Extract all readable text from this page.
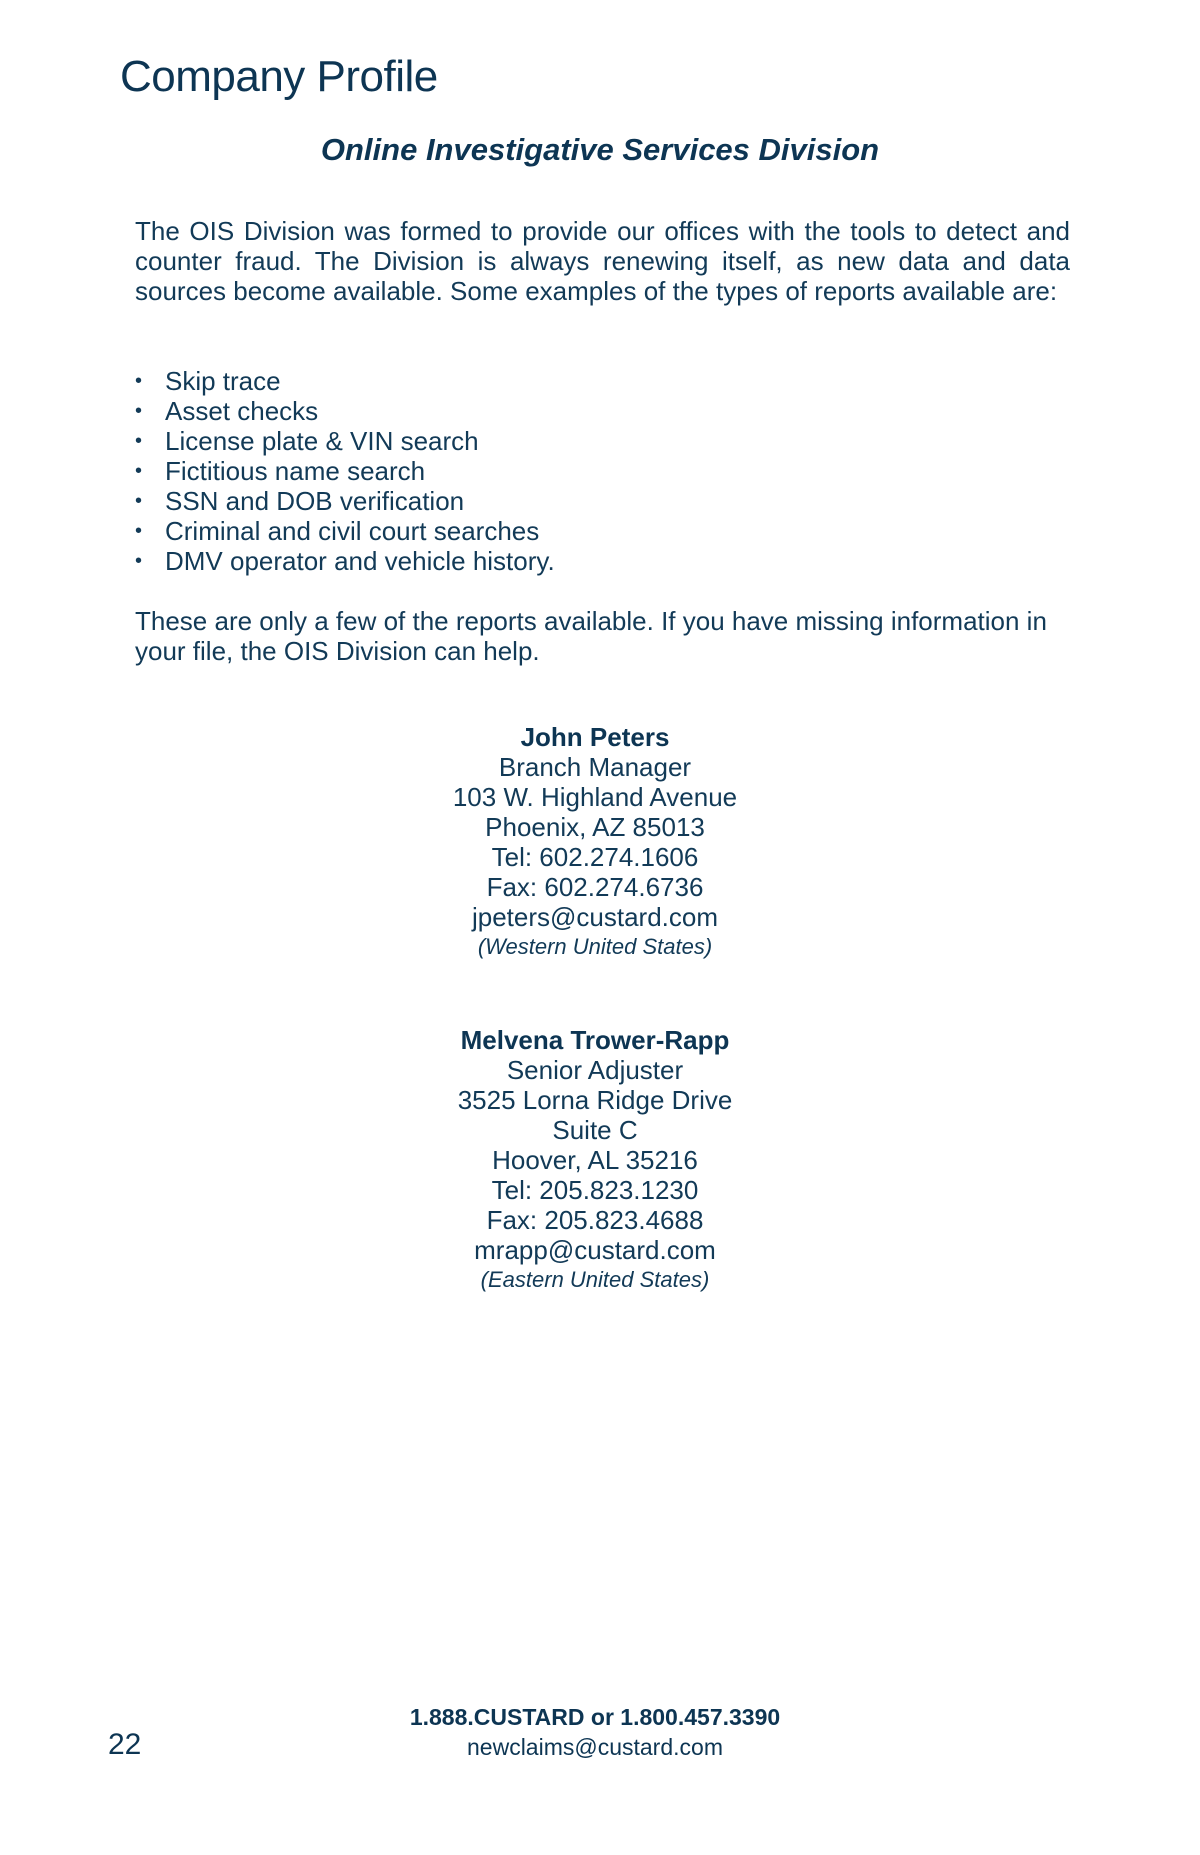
Company Profile
Online Investigative Services Division

The OIS Division was formed to provide our offices with the tools to detect and counter fraud. The Division is always renewing itself, as new data and data sources become available. Some examples of the types of reports available are:

• Skip trace
• Asset checks
• License plate & VIN search
• Fictitious name search
• SSN and DOB verification
• Criminal and civil court searches
• DMV operator and vehicle history.

These are only a few of the reports available. If you have missing information in your file, the OIS Division can help.

John Peters
Branch Manager
103 W. Highland Avenue
Phoenix, AZ 85013
Tel: 602.274.1606
Fax: 602.274.6736
jpeters@custard.com
(Western United States)
Melvena Trower-Rapp
Senior Adjuster
3525 Lorna Ridge Drive
Suite C
Hoover, AL 35216
Tel: 205.823.1230
Fax: 205.823.4688
mrapp@custard.com
(Eastern United States)
1.888.CUSTARD or 1.800.457.3390
newclaims@custard.com
22
